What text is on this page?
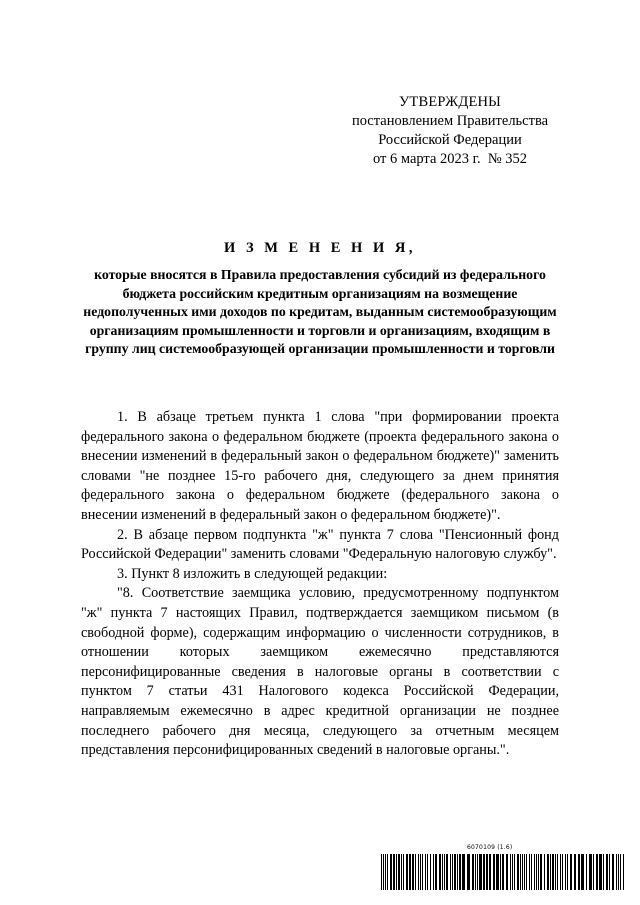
УТВЕРЖДЕНЫ
постановлением Правительства
Российской Федерации
от 6 марта 2023 г.  № 352
И З М Е Н Е Н И Я,
которые вносятся в Правила предоставления субсидий из федерального бюджета российским кредитным организациям на возмещение недополученных ими доходов по кредитам, выданным системообразующим организациям промышленности и торговли и организациям, входящим в группу лиц системообразующей организации промышленности и торговли

1. В абзаце третьем пункта 1 слова "при формировании проекта федерального закона о федеральном бюджете (проекта федерального закона о внесении изменений в федеральный закон о федеральном бюджете)" заменить словами "не позднее 15-го рабочего дня, следующего за днем принятия федерального закона о федеральном бюджете (федерального закона о внесении изменений в федеральный закон о федеральном бюджете)".

2. В абзаце первом подпункта "ж" пункта 7 слова "Пенсионный фонд Российской Федерации" заменить словами "Федеральную налоговую службу".

3. Пункт 8 изложить в следующей редакции:

"8. Соответствие заемщика условию, предусмотренному подпунктом "ж" пункта 7 настоящих Правил, подтверждается заемщиком письмом (в свободной форме), содержащим информацию о численности сотрудников, в отношении которых заемщиком ежемесячно представляются персонифицированные сведения в налоговые органы в соответствии с пунктом 7 статьи 431 Налогового кодекса Российской Федерации, направляемым ежемесячно в адрес кредитной организации не позднее последнего рабочего дня месяца, следующего за отчетным месяцем представления персонифицированных сведений в налоговые органы.".

6070109 (1.6)
